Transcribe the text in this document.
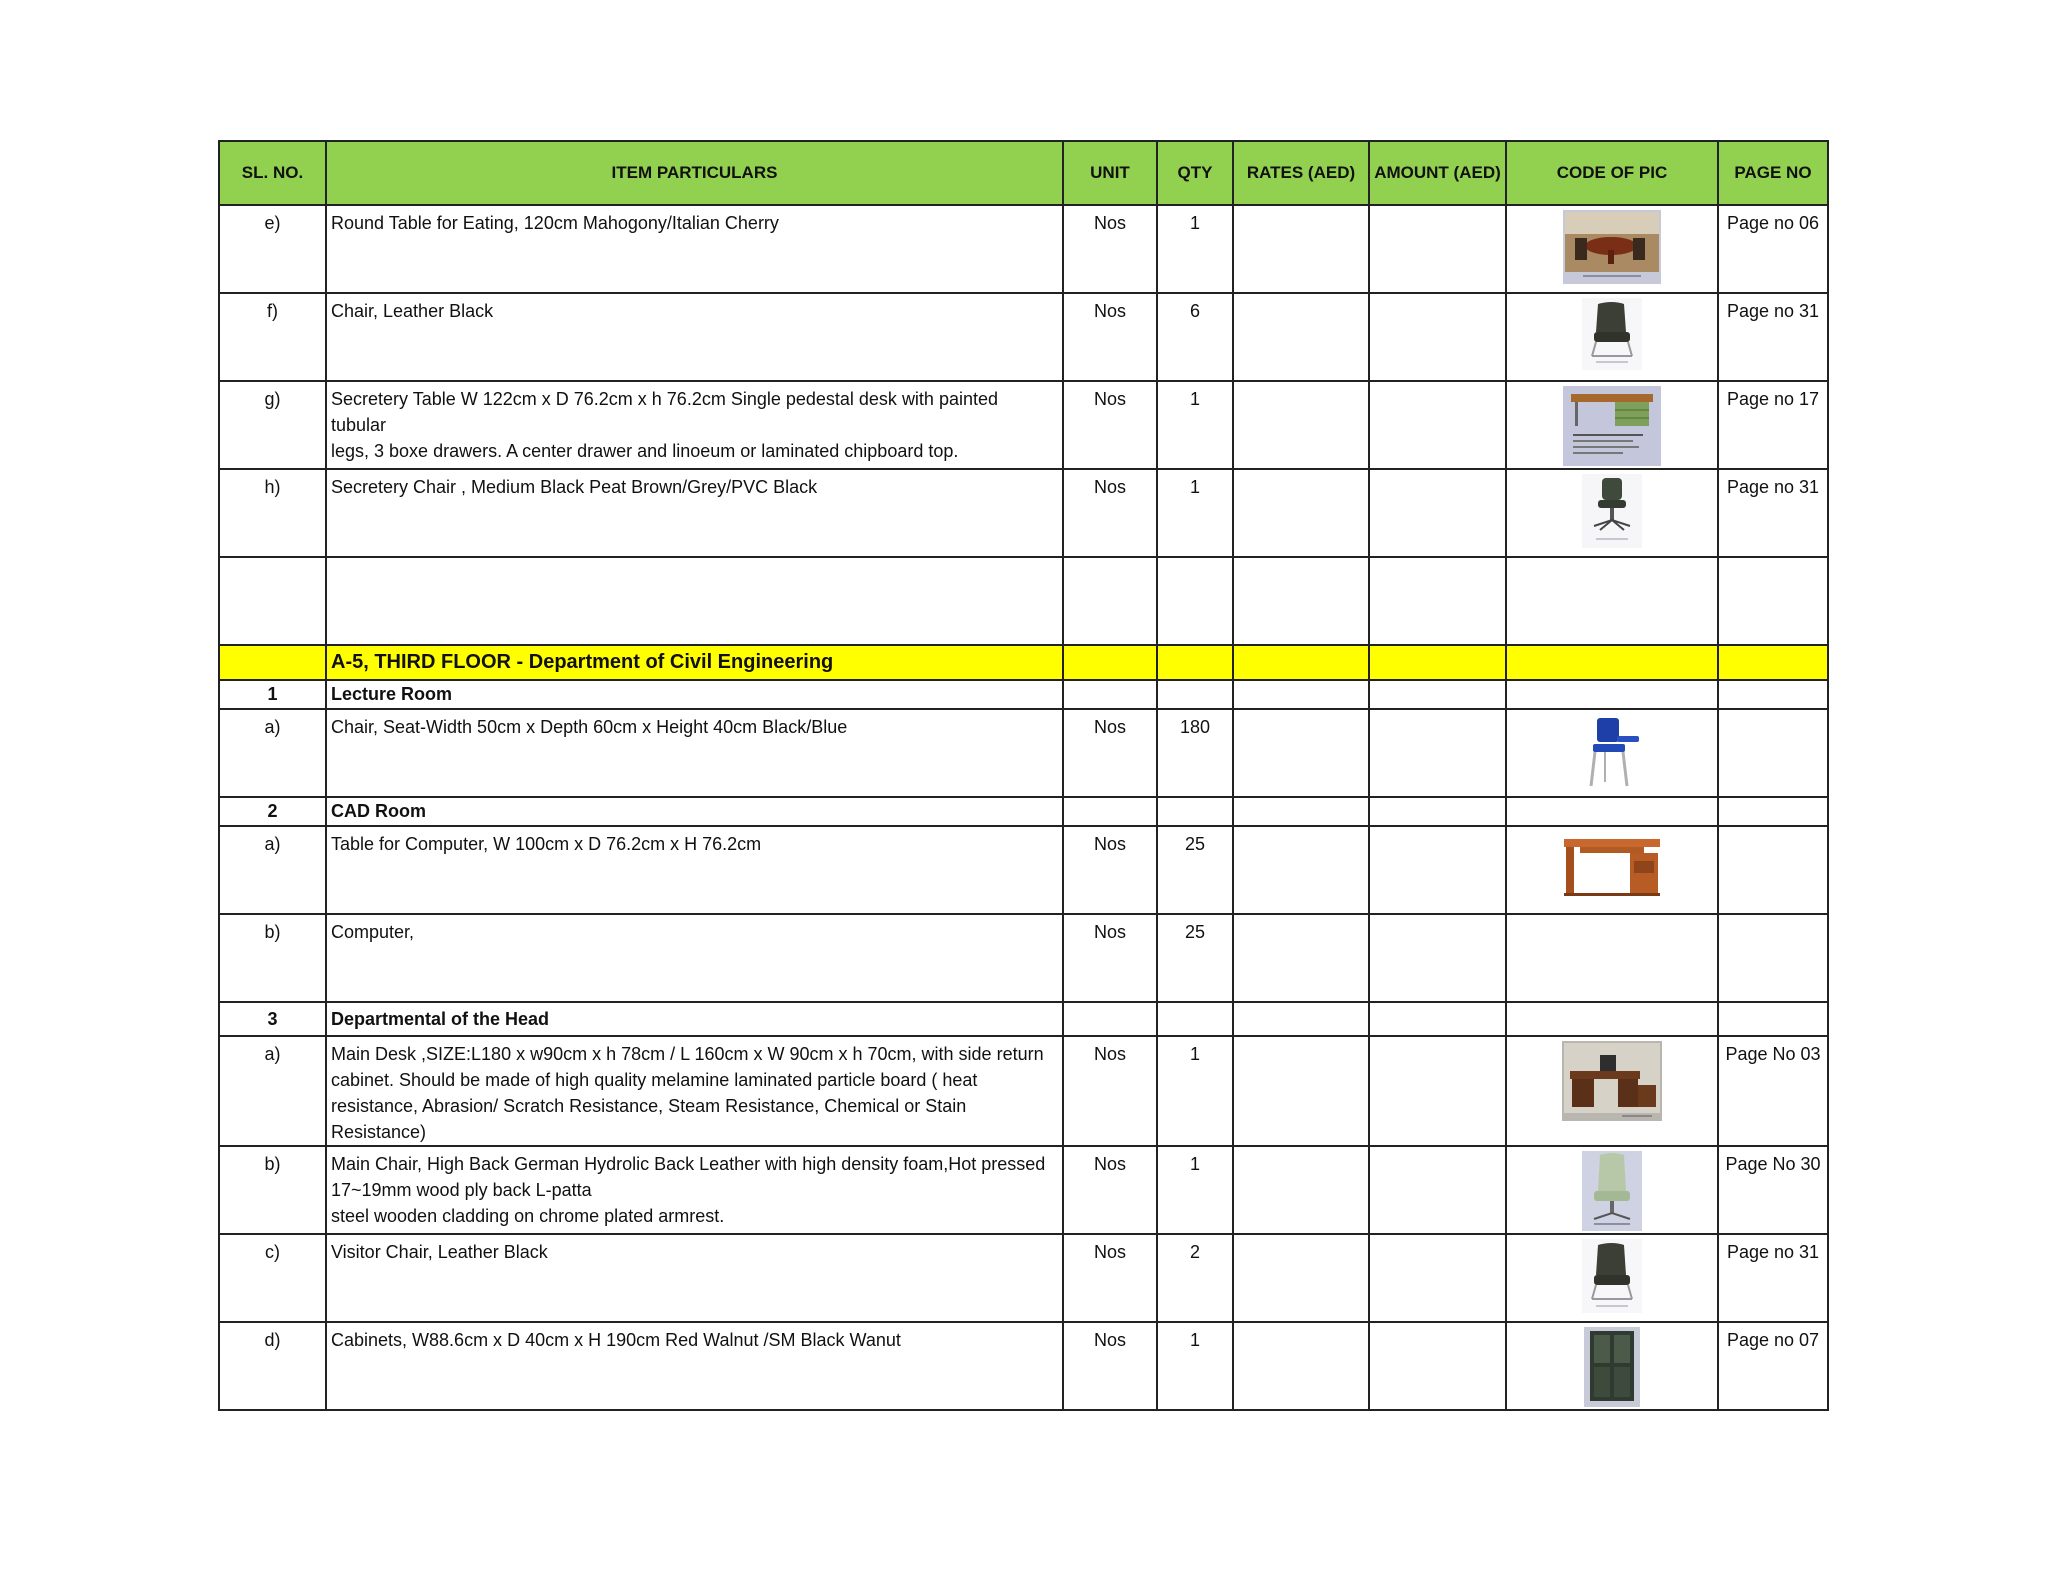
SL. NO.	ITEM PARTICULARS	UNIT	QTY	RATES (AED)	AMOUNT (AED)	CODE OF PIC	PAGE NO
e)	Round Table for Eating, 120cm Mahogony/Italian Cherry	Nos	1				Page no 06
f)	Chair, Leather Black	Nos	6				Page no 31
g)	Secretery Table W 122cm x D 76.2cm x h 76.2cm Single pedestal desk with painted tubular
legs, 3 boxe drawers. A center drawer and linoeum or laminated chipboard top.	Nos	1				Page no 17
h)	Secretery Chair , Medium Black Peat Brown/Grey/PVC Black	Nos	1				Page no 31

	A-5, THIRD FLOOR - Department of Civil Engineering						
1	Lecture Room						
a)	Chair, Seat-Width 50cm x Depth 60cm x Height 40cm Black/Blue	Nos	180			

2	CAD Room						
a)	Table for Computer, W 100cm x D 76.2cm x H 76.2cm	Nos	25			

b)	Computer,	Nos	25				
3	Departmental of the Head						
a)	Main Desk ,SIZE:L180 x w90cm x h 78cm / L 160cm x W 90cm x h 70cm, with side return
cabinet. Should be made of high quality melamine laminated particle board ( heat
resistance, Abrasion/ Scratch Resistance, Steam Resistance, Chemical or Stain Resistance)	Nos	1				Page No 03
b)	Main Chair, High Back German Hydrolic Back Leather with high density foam,Hot pressed
17~19mm wood ply back L-patta
steel wooden cladding on chrome plated armrest.	Nos	1				Page No 30
c)	Visitor Chair, Leather Black	Nos	2				Page no 31
d)	Cabinets, W88.6cm x D 40cm x H 190cm Red Walnut /SM Black Wanut	Nos	1				Page no 07
